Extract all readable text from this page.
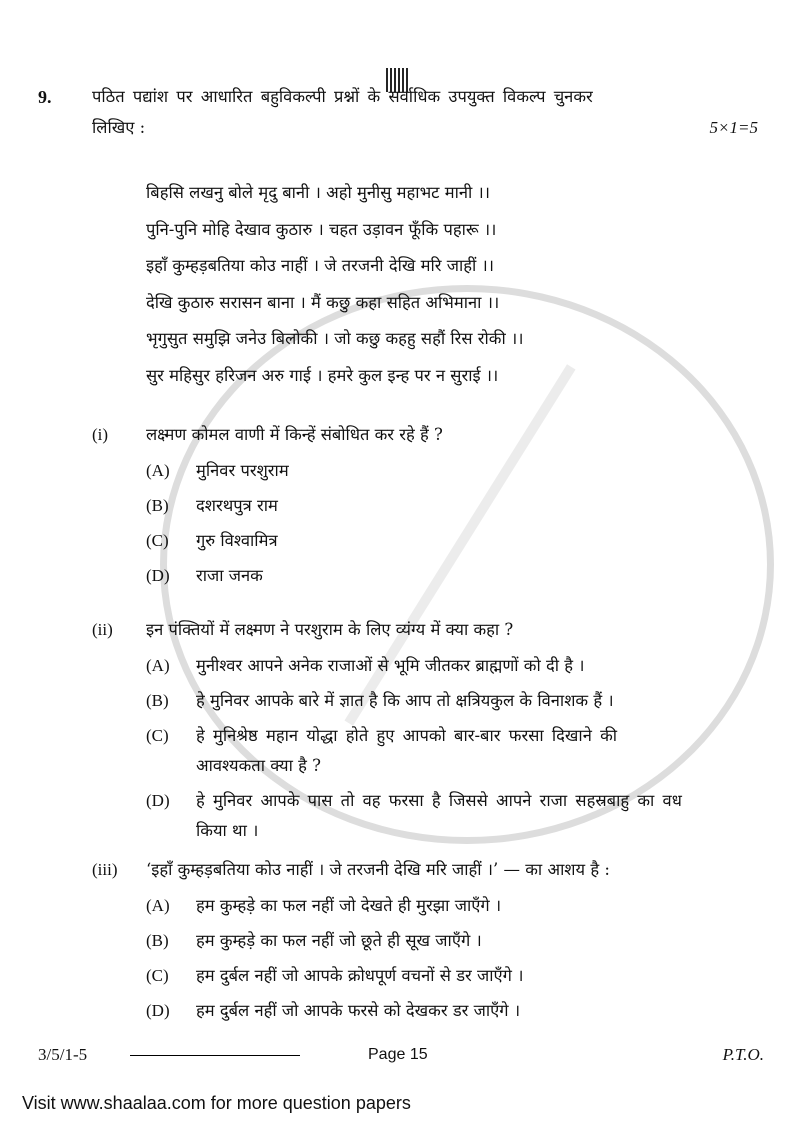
9. पठित पद्यांश पर आधारित बहुविकल्पी प्रश्नों के सर्वाधिक उपयुक्त विकल्प चुनकर
लिखिए :	5×1=5
3/5/1-5	Page 15	P.T.O.
Visit www.shaalaa.com for more question papers
बिहसि लखनु बोले मृदु बानी । अहो मुनीसु महाभट मानी ।।
पुनि-पुनि मोहि देखाव कुठारु । चहत उड़ावन फूँकि पहारू ।।
इहाँ कुम्हड़बतिया कोउ नाहीं । जे तरजनी देखि मरि जाहीं ।।
देखि कुठारु सरासन बाना । मैं कछु कहा सहित अभिमाना ।।
भृगुसुत समुझि जनेउ बिलोकी । जो कछु कहहु सहौं रिस रोकी ।।
सुर महिसुर हरिजन अरु गाई । हमरे कुल इन्ह पर न सुराई ।।
(i) लक्ष्मण कोमल वाणी में किन्हें संबोधित कर रहे हैं ?
(A) मुनिवर परशुराम
(B) दशरथपुत्र राम
(C) गुरु विश्वामित्र
(D) राजा जनक
(ii) इन पंक्तियों में लक्ष्मण ने परशुराम के लिए व्यंग्य में क्या कहा ?
(A) मुनीश्वर आपने अनेक राजाओं से भूमि जीतकर ब्राह्मणों को दी है ।
(B) हे मुनिवर आपके बारे में ज्ञात है कि आप तो क्षत्रियकुल के विनाशक हैं ।
(C) हे मुनिश्रेष्ठ महान योद्धा होते हुए आपको बार-बार फरसा दिखाने की
आवश्यकता क्या है ?
(D) हे मुनिवर आपके पास तो वह फरसा है जिससे आपने राजा सहस्रबाहु का वध
किया था ।
(iii) ‘इहाँ कुम्हड़बतिया कोउ नाहीं । जे तरजनी देखि मरि जाहीं ।’ — का आशय है :
(A) हम कुम्हड़े का फल नहीं जो देखते ही मुरझा जाएँगे ।
(B) हम कुम्हड़े का फल नहीं जो छूते ही सूख जाएँगे ।
(C) हम दुर्बल नहीं जो आपके क्रोधपूर्ण वचनों से डर जाएँगे ।
(D) हम दुर्बल नहीं जो आपके फरसे को देखकर डर जाएँगे ।
